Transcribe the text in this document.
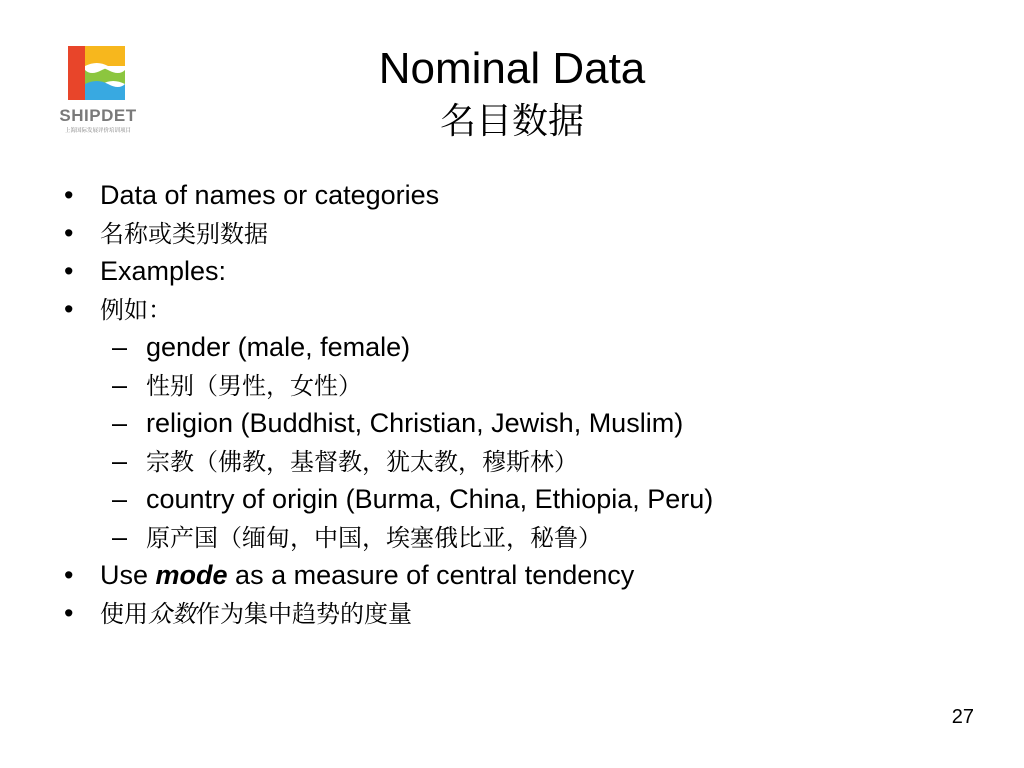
SHIPDET
上海国际发展评价培训项目
Nominal Data
名目数据
• Data of names or categories
• 名称或类别数据
• Examples:
• 例如：
– gender (male, female)
– 性别（男性，女性）
– religion (Buddhist, Christian, Jewish, Muslim)
– 宗教（佛教，基督教，犹太教，穆斯林）
– country of origin (Burma, China, Ethiopia, Peru)
– 原产国（缅甸，中国，埃塞俄比亚，秘鲁）
• Use mode as a measure of central tendency
• 使用众数作为集中趋势的度量
27
